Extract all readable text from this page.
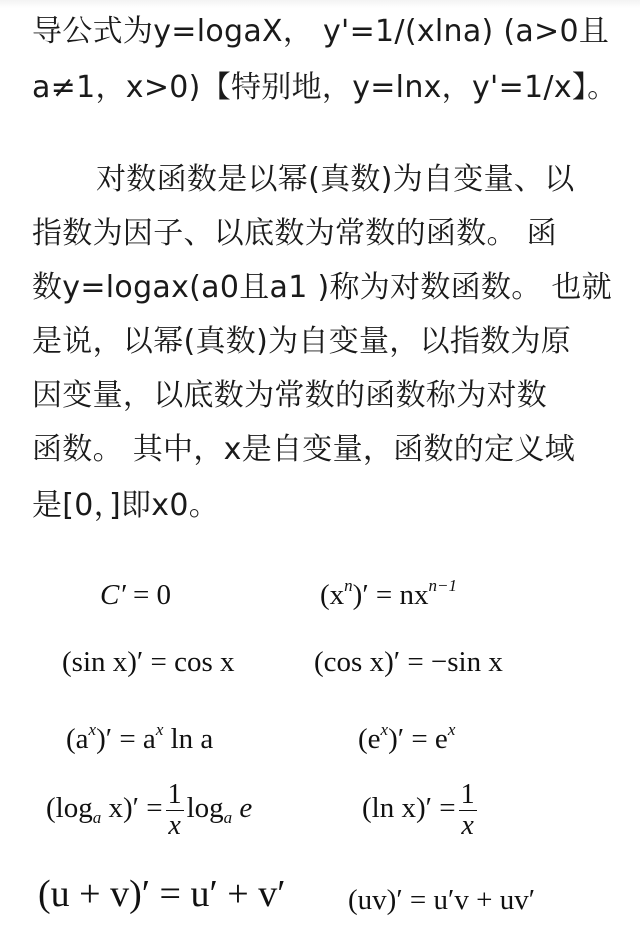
导公式为y=logaX， y'=1/(xlna) (a>0且
a≠1，x>0)【特别地，y=lnx，y'=1/x】。
对数函数是以幂(真数)为自变量、以
指数为因子、以底数为常数的函数。 函
数y=logax(a0且a1 )称为对数函数。 也就
是说，以幂(真数)为自变量，以指数为原
因变量，以底数为常数的函数称为对数
函数。 其中，x是自变量，函数的定义域
是[0，]即x0。
C′ = 0	$(x^n)' = nx^{n-1}$
(sin x)′ = cos x	(cos x)′ = −sin x
$(a^x)' = a^x$ ln a	$(e^x)' = e^x$
($\log_a$ $x)' = \frac{1}{x} \log_a e$	(ln $x)' = \frac{1}{x}$
(u + v)′ = u′ + v′ (uv)′ = u′v + uv′
